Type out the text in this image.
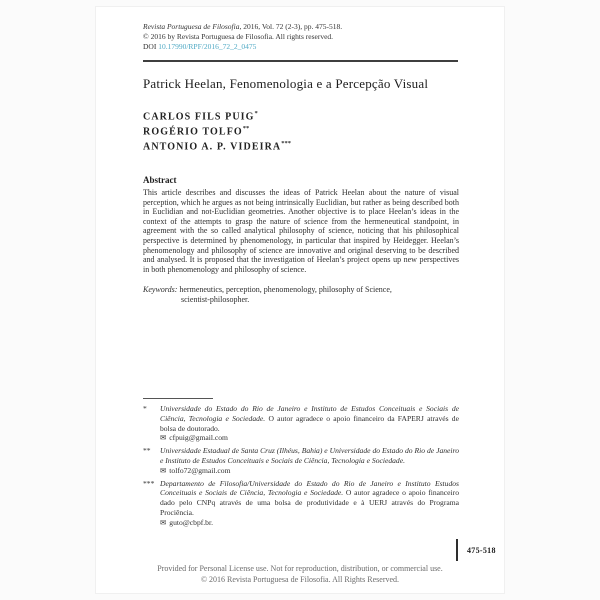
Revista Portuguesa de Filosofia, 2016, Vol. 72 (2-3), pp. 475-518.
© 2016 by Revista Portuguesa de Filosofia. All rights reserved.
DOI 10.17990/RPF/2016_72_2_0475
Patrick Heelan, Fenomenologia e a Percepção Visual
CARLOS FILS PUIG*
ROGÉRIO TOLFO**
ANTONIO A. P. VIDEIRA***
Abstract

This article describes and discusses the ideas of Patrick Heelan about the nature of visual perception, which he argues as not being intrinsically Euclidian, but rather as being described both in Euclidian and not-Euclidian geometries. Another objective is to place Heelan’s ideas in the context of the attempts to grasp the nature of science from the hermeneutical standpoint, in agreement with the so called analytical philosophy of science, noticing that his philosophical perspective is determined by phenomenology, in particular that inspired by Heidegger. Heelan’s phenomenology and philosophy of science are innovative and original deserving to be described and analysed. It is proposed that the investigation of Heelan’s project opens up new perspectives in both phenomenology and philosophy of science.

Keywords: hermeneutics, perception, phenomenology, philosophy of Science,
scientist-philosopher.
*	Universidade do Estado do Rio de Janeiro e Instituto de Estudos Conceituais e Sociais de Ciência, Tecnologia e Sociedade. O autor agradece o apoio financeiro da FAPERJ através de bolsa de doutorado.
✉ cfpuig@gmail.com
**	Universidade Estadual de Santa Cruz (Ilhéus, Bahia) e Universidade do Estado do Rio de Janeiro e Instituto de Estudos Conceituais e Sociais de Ciência, Tecnologia e Sociedade.
✉ tolfo72@gmail.com
*** Departamento de Filosofia/Universidade do Estado do Rio de Janeiro e Instituto Estudos Conceituais e Sociais de Ciência, Tecnologia e Sociedade. O autor agradece o apoio financeiro dado pelo CNPq através de uma bolsa de produtividade e à UERJ através do Programa Prociência.
✉ guto@cbpf.br.
475-518
Provided for Personal License use. Not for reproduction, distribution, or commercial use.
© 2016 Revista Portuguesa de Filosofia. All Rights Reserved.
